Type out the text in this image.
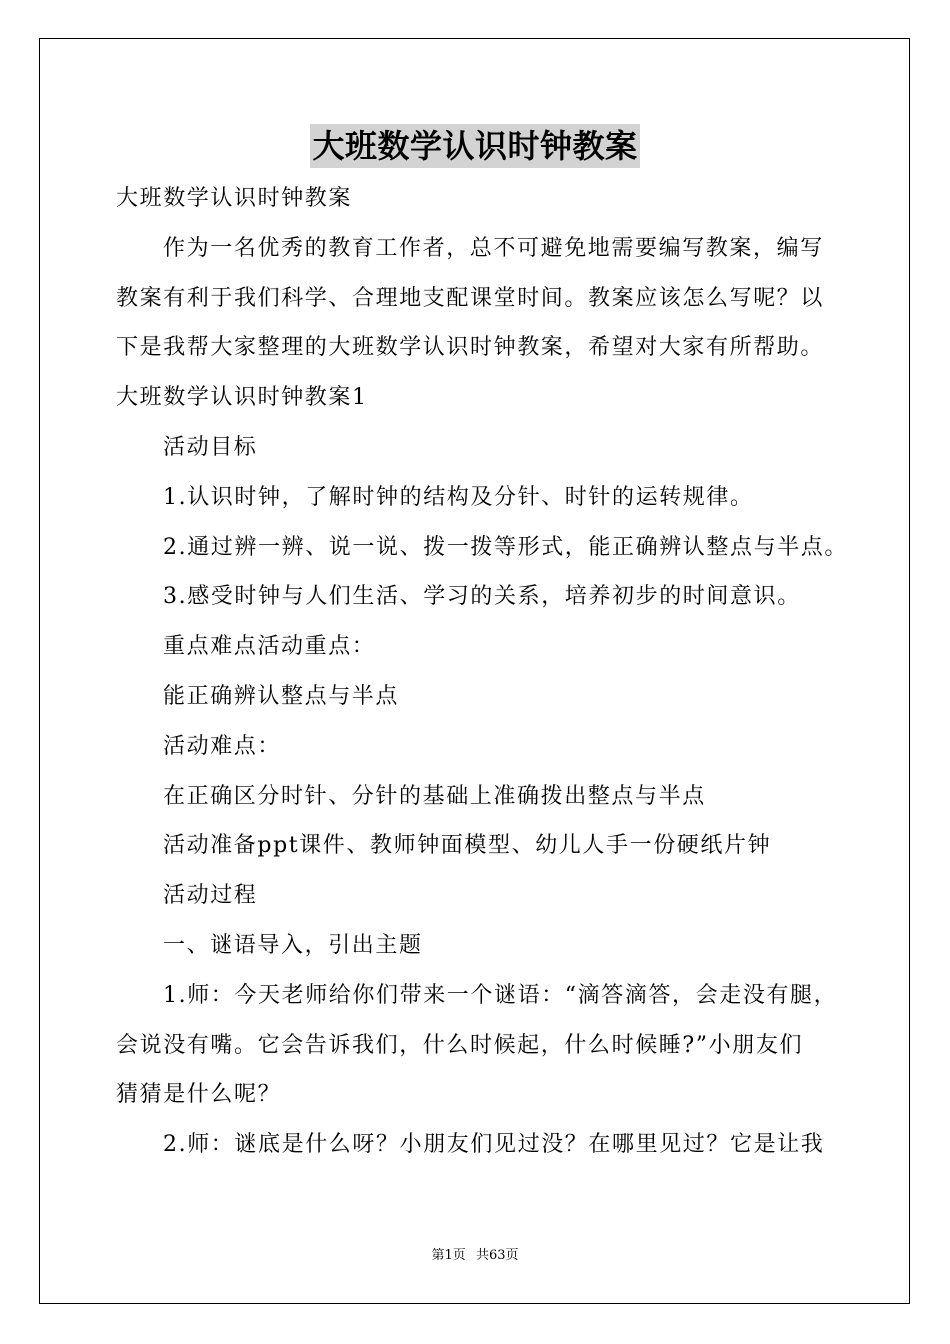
大班数学认识时钟教案
大班数学认识时钟教案
作为一名优秀的教育工作者，总不可避免地需要编写教案，编写
教案有利于我们科学、合理地支配课堂时间。教案应该怎么写呢？以
下是我帮大家整理的大班数学认识时钟教案，希望对大家有所帮助。
大班数学认识时钟教案1
活动目标
1.认识时钟，了解时钟的结构及分针、时针的运转规律。
2.通过辨一辨、说一说、拨一拨等形式，能正确辨认整点与半点。
3.感受时钟与人们生活、学习的关系，培养初步的时间意识。
重点难点活动重点：
能正确辨认整点与半点
活动难点：
在正确区分时针、分针的基础上准确拨出整点与半点
活动准备ppt课件、教师钟面模型、幼儿人手一份硬纸片钟
活动过程
一、谜语导入，引出主题
1.师：今天老师给你们带来一个谜语：“滴答滴答，会走没有腿，
会说没有嘴。它会告诉我们，什么时候起，什么时候睡?”小朋友们
猜猜是什么呢？
2.师：谜底是什么呀？小朋友们见过没？在哪里见过？它是让我
第1页 共63页
